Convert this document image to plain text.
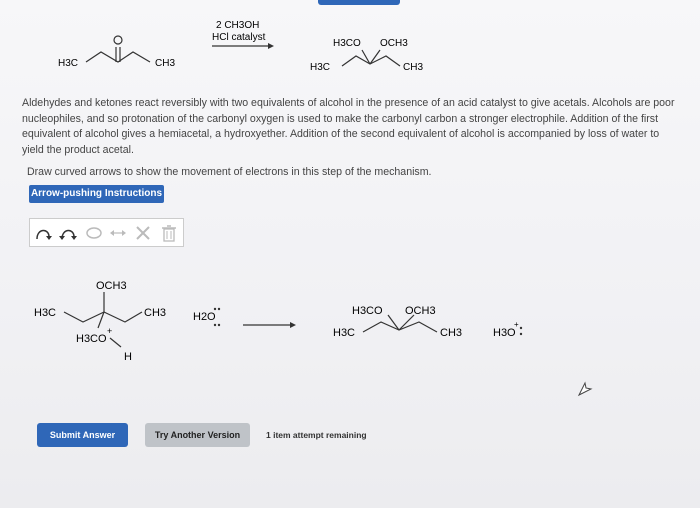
H3C	CH3
2 CH3OH
HCl catalyst
H3CO OCH3
H3C	CH3
Aldehydes and ketones react reversibly with two equivalents of alcohol in the presence of an acid catalyst to give acetals. Alcohols are poor nucleophiles, and so protonation of the carbonyl oxygen is used to make the carbonyl carbon a stronger electrophile. Addition of the first equivalent of alcohol gives a hemiacetal, a hydroxyether. Addition of the second equivalent of alcohol is accompanied by loss of water to yield the product acetal.
Draw curved arrows to show the movement of electrons in this step of the mechanism.
Arrow-pushing Instructions
OCH3
H3C	CH3
H3CO
+
H
H2O	H3CO OCH3
H3C	CH3	H3O
+
Submit Answer	Try Another Version	1 item attempt remaining
